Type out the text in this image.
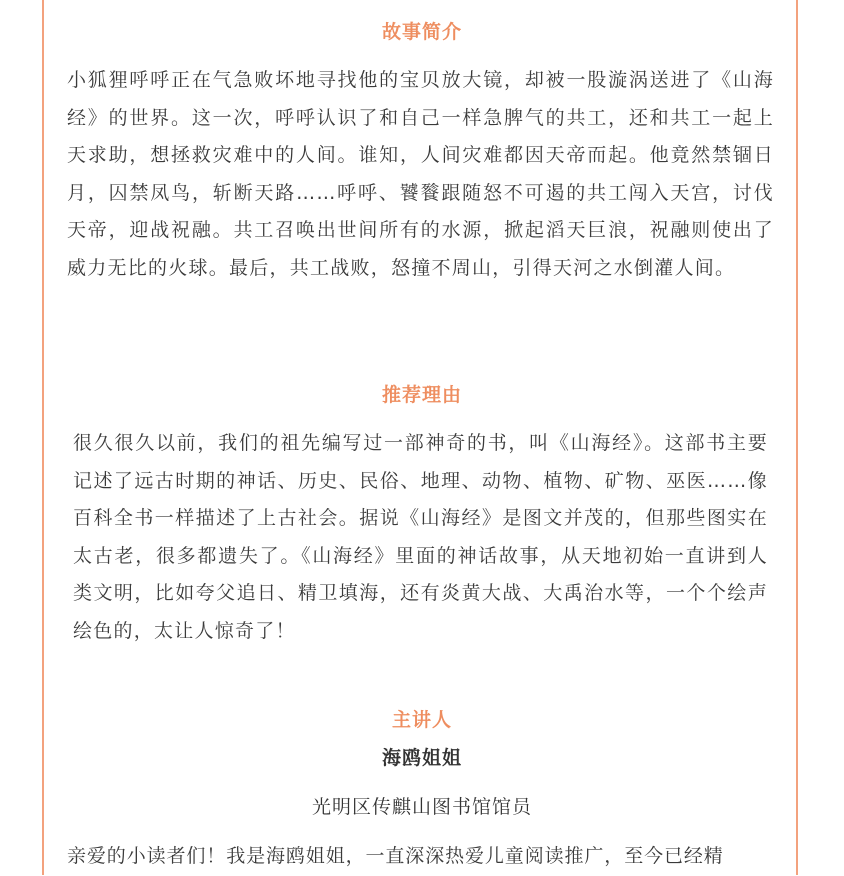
故事简介

小狐狸呼呼正在气急败坏地寻找他的宝贝放大镜，却被一股漩涡送进了《山海经》的世界。这一次，呼呼认识了和自己一样急脾气的共工，还和共工一起上天求助，想拯救灾难中的人间。谁知，人间灾难都因天帝而起。他竟然禁锢日月，囚禁凤鸟，斩断天路……呼呼、饕餮跟随怒不可遏的共工闯入天宫，讨伐天帝，迎战祝融。共工召唤出世间所有的水源，掀起滔天巨浪，祝融则使出了威力无比的火球。最后，共工战败，怒撞不周山，引得天河之水倒灌人间。

推荐理由

很久很久以前，我们的祖先编写过一部神奇的书，叫《山海经》。这部书主要记述了远古时期的神话、历史、民俗、地理、动物、植物、矿物、巫医……像百科全书一样描述了上古社会。据说《山海经》是图文并茂的，但那些图实在太古老，很多都遗失了。《山海经》里面的神话故事，从天地初始一直讲到人类文明，比如夸父追日、精卫填海，还有炎黄大战、大禹治水等，一个个绘声绘色的，太让人惊奇了！

主讲人
海鸥姐姐
光明区传麒山图书馆馆员

亲爱的小读者们！我是海鸥姐姐，一直深深热爱儿童阅读推广，至今已经精
